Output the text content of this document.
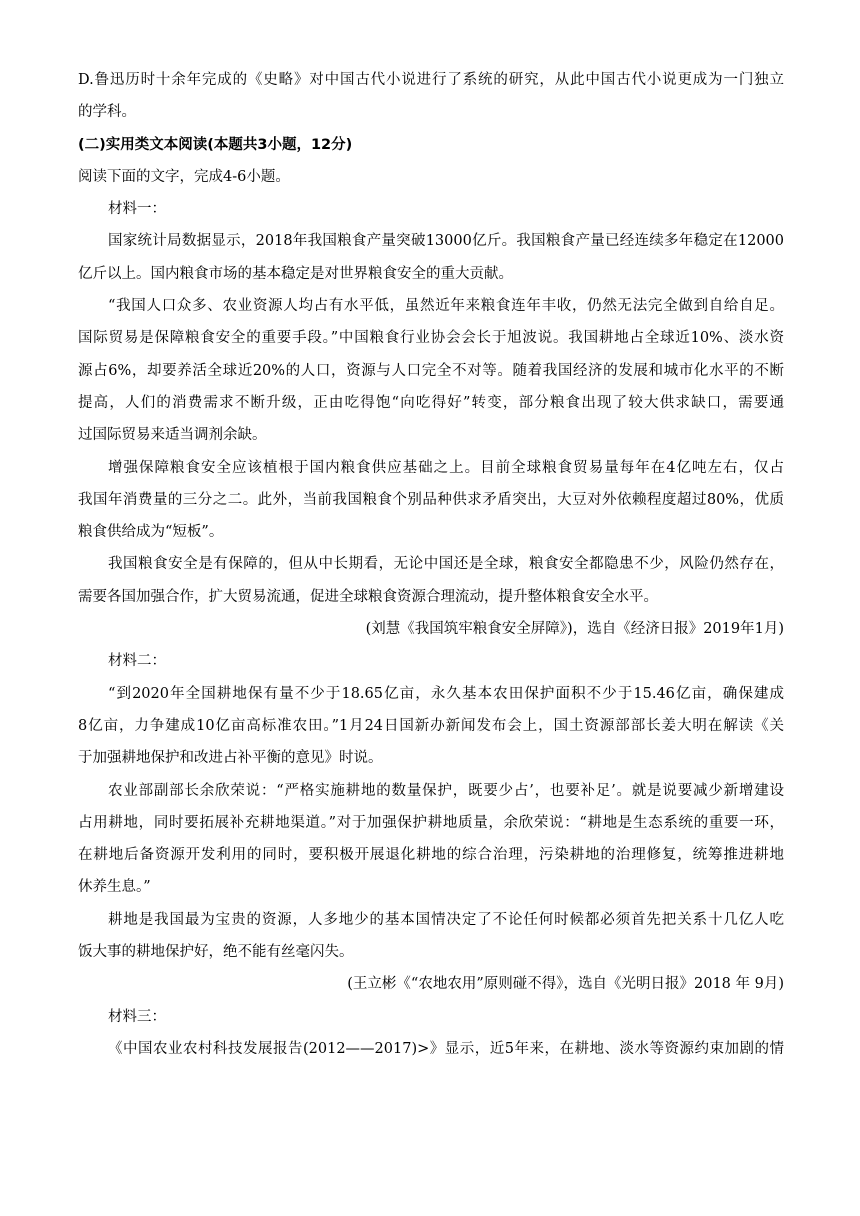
D.鲁迅历时十余年完成的《史略》对中国古代小说进行了系统的研究，从此中国古代小说更成为一门独立
的学科。
(二)实用类文本阅读(本题共3小题，12分)
阅读下面的文字，完成4-6小题。
材料一：
国家统计局数据显示，2018年我国粮食产量突破13000亿斤。我国粮食产量已经连续多年稳定在12000
亿斤以上。国内粮食市场的基本稳定是对世界粮食安全的重大贡献。
“我国人口众多、农业资源人均占有水平低，虽然近年来粮食连年丰收，仍然无法完全做到自给自足。
国际贸易是保障粮食安全的重要手段。”中国粮食行业协会会长于旭波说。我国耕地占全球近10%、淡水资
源占6%，却要养活全球近20%的人口，资源与人口完全不对等。随着我国经济的发展和城市化水平的不断
提高，人们的消费需求不断升级，正由吃得饱“向吃得好”转变，部分粮食出现了较大供求缺口，需要通
过国际贸易来适当调剂余缺。
增强保障粮食安全应该植根于国内粮食供应基础之上。目前全球粮食贸易量每年在4亿吨左右，仅占
我国年消费量的三分之二。此外，当前我国粮食个别品种供求矛盾突出，大豆对外依赖程度超过80%，优质
粮食供给成为“短板”。
我国粮食安全是有保障的，但从中长期看，无论中国还是全球，粮食安全都隐患不少，风险仍然存在，
需要各国加强合作，扩大贸易流通，促进全球粮食资源合理流动，提升整体粮食安全水平。
(刘慧《我国筑牢粮食安全屏障》)，选自《经济日报》2019年1月)
材料二：
“到2020年全国耕地保有量不少于18.65亿亩，永久基本农田保护面积不少于15.46亿亩，确保建成
8亿亩，力争建成10亿亩高标准农田。”1月24日国新办新闻发布会上，国土资源部部长姜大明在解读《关
于加强耕地保护和改进占补平衡的意见》时说。
农业部副部长余欣荣说：“严格实施耕地的数量保护，既要少占’，也要补足’。就是说要减少新增建设
占用耕地，同时要拓展补充耕地渠道。”对于加强保护耕地质量，余欣荣说：“耕地是生态系统的重要一环，
在耕地后备资源开发利用的同时，要积极开展退化耕地的综合治理，污染耕地的治理修复，统筹推进耕地
休养生息。”
耕地是我国最为宝贵的资源，人多地少的基本国情决定了不论任何时候都必须首先把关系十几亿人吃
饭大事的耕地保护好，绝不能有丝毫闪失。
(王立彬《“农地农用”原则碰不得》，选自《光明日报》2018 年 9月)
材料三：
《中国农业农村科技发展报告(2012——2017)>》显示，近5年来，在耕地、淡水等资源约束加剧的情
